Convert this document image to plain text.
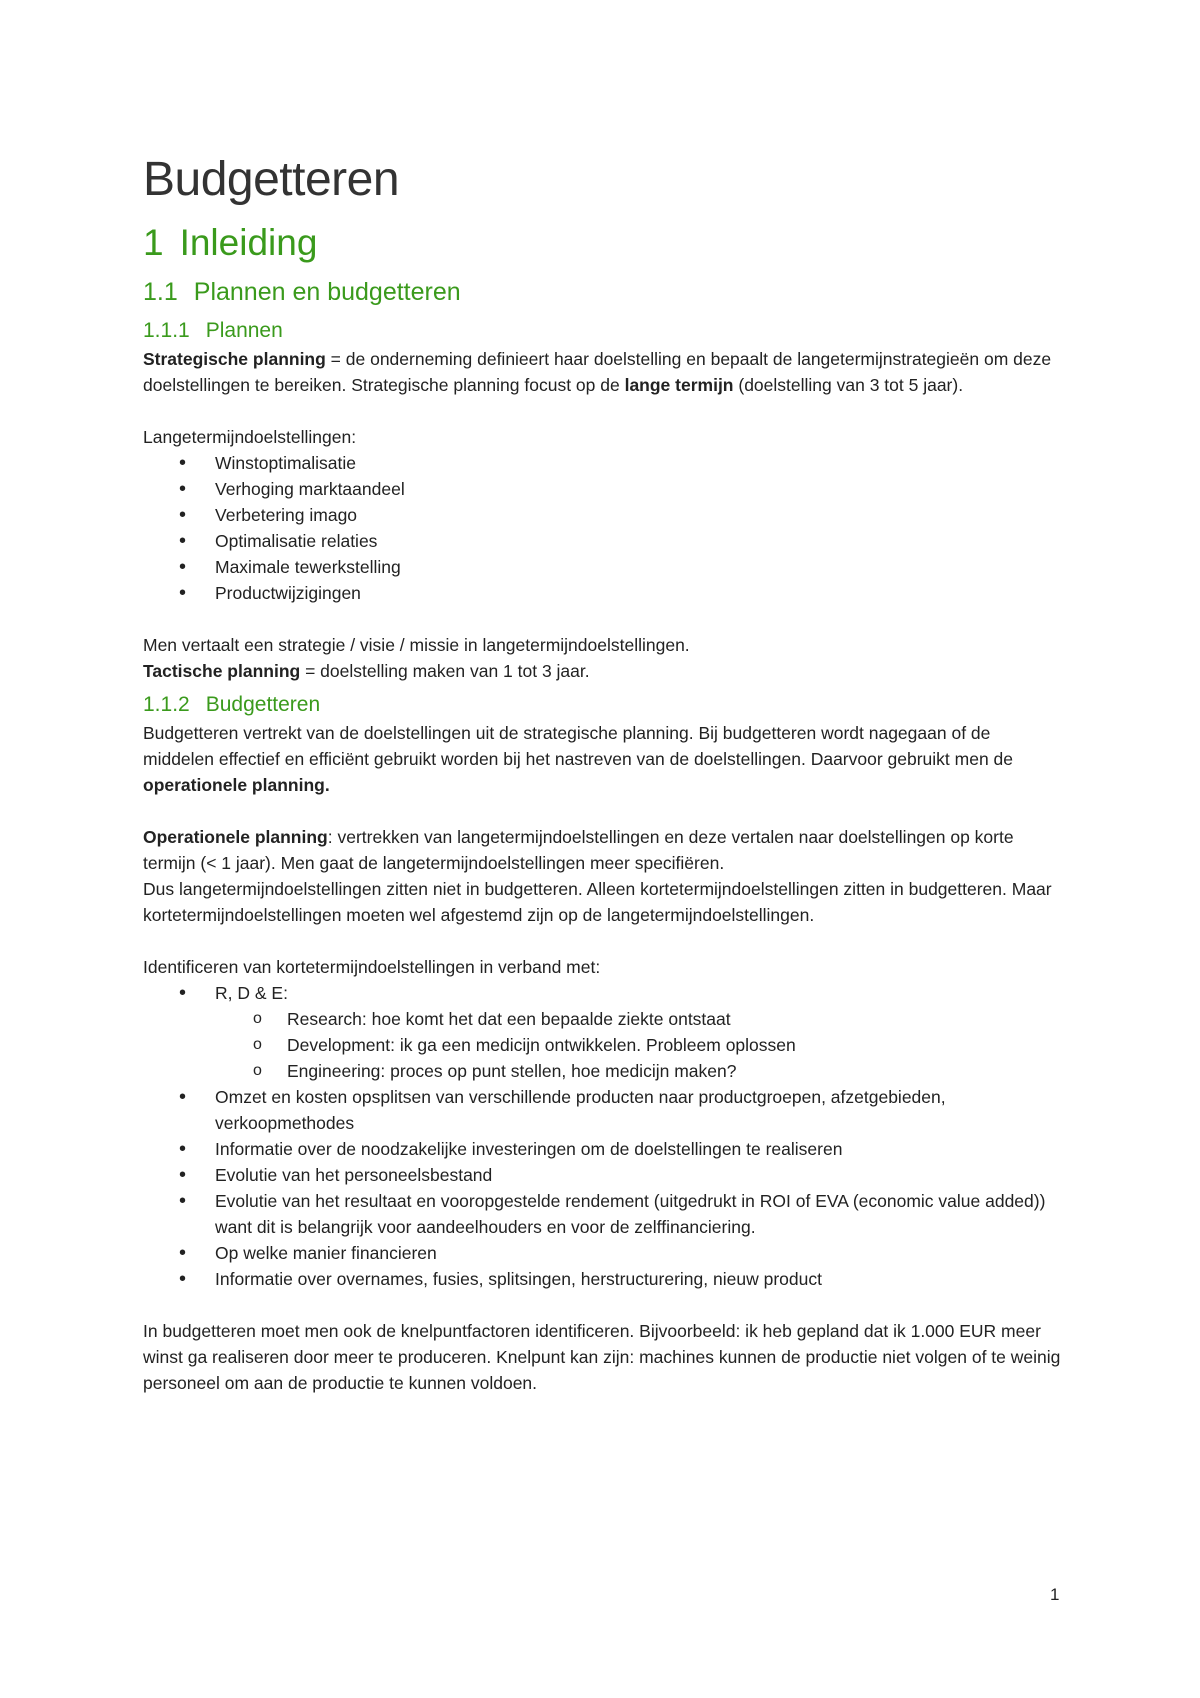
Budgetteren
1 Inleiding
1.1 Plannen en budgetteren
1.1.1 Plannen

Strategische planning = de onderneming definieert haar doelstelling en bepaalt de langetermijnstrategieën om deze doelstellingen te bereiken. Strategische planning focust op de lange termijn (doelstelling van 3 tot 5 jaar).

Langetermijndoelstellingen:

• Winstoptimalisatie
• Verhoging marktaandeel
• Verbetering imago
• Optimalisatie relaties
• Maximale tewerkstelling
• Productwijzigingen

Men vertaalt een strategie / visie / missie in langetermijndoelstellingen.

Tactische planning = doelstelling maken van 1 tot 3 jaar.

1.1.2 Budgetteren

Budgetteren vertrekt van de doelstellingen uit de strategische planning. Bij budgetteren wordt nagegaan of de middelen effectief en efficiënt gebruikt worden bij het nastreven van de doelstellingen. Daarvoor gebruikt men de operationele planning.

Operationele planning: vertrekken van langetermijndoelstellingen en deze vertalen naar doelstellingen op korte termijn (< 1 jaar). Men gaat de langetermijndoelstellingen meer specifiëren.

Dus langetermijndoelstellingen zitten niet in budgetteren. Alleen kortetermijndoelstellingen zitten in budgetteren. Maar kortetermijndoelstellingen moeten wel afgestemd zijn op de langetermijndoelstellingen.

Identificeren van kortetermijndoelstellingen in verband met:

• R, D & E:
o Research: hoe komt het dat een bepaalde ziekte ontstaat
o Development: ik ga een medicijn ontwikkelen. Probleem oplossen
o Engineering: proces op punt stellen, hoe medicijn maken?
• Omzet en kosten opsplitsen van verschillende producten naar productgroepen, afzetgebieden, verkoopmethodes
• Informatie over de noodzakelijke investeringen om de doelstellingen te realiseren
• Evolutie van het personeelsbestand
• Evolutie van het resultaat en vooropgestelde rendement (uitgedrukt in ROI of EVA (economic value added)) want dit is belangrijk voor aandeelhouders en voor de zelffinanciering.
• Op welke manier financieren
• Informatie over overnames, fusies, splitsingen, herstructurering, nieuw product

In budgetteren moet men ook de knelpuntfactoren identificeren. Bijvoorbeeld: ik heb gepland dat ik 1.000 EUR meer winst ga realiseren door meer te produceren. Knelpunt kan zijn: machines kunnen de productie niet volgen of te weinig personeel om aan de productie te kunnen voldoen.

1
